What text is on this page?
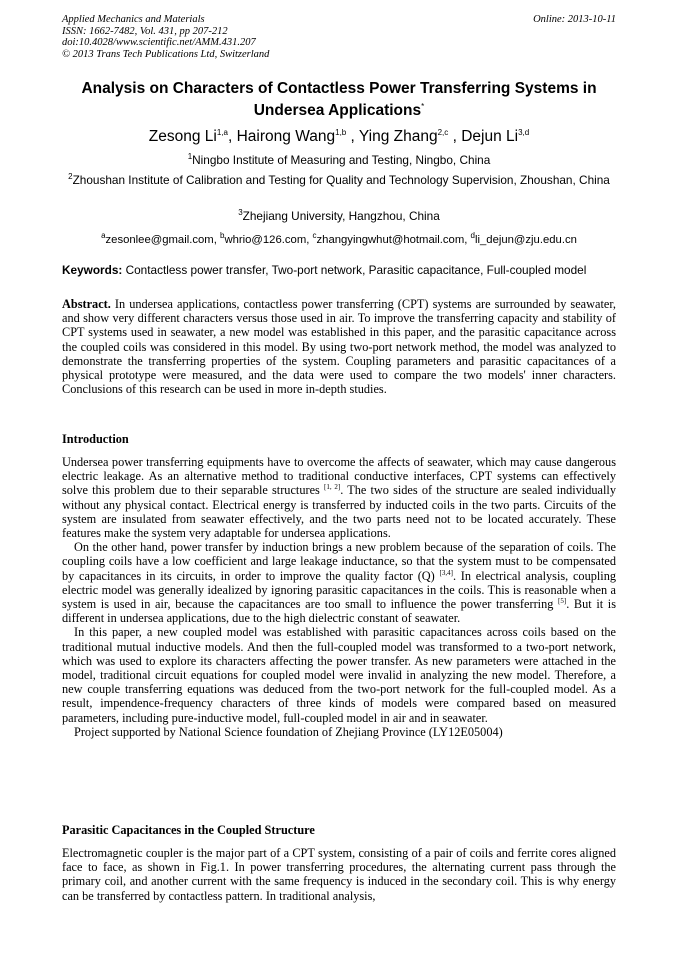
Applied Mechanics and Materials
ISSN: 1662-7482, Vol. 431, pp 207-212
doi:10.4028/www.scientific.net/AMM.431.207
© 2013 Trans Tech Publications Ltd, Switzerland
Online: 2013-10-11
Analysis on Characters of Contactless Power Transferring Systems in Undersea Applications*
Zesong Li$^{1,a}$, Hairong Wang$^{1,b}$ , Ying Zhang$^{2,c}$ , Dejun Li$^{3,d}$
$^1$Ningbo Institute of Measuring and Testing, Ningbo, China
$^2$Zhoushan Institute of Calibration and Testing for Quality and Technology Supervision, Zhoushan, China
$^3$Zhejiang University, Hangzhou, China
$^a$zesonlee@gmail.com, $^b$whrio@126.com, $^c$zhangyingwhut@hotmail.com, $^d$li_dejun@zju.edu.cn
Keywords: Contactless power transfer, Two-port network, Parasitic capacitance, Full-coupled model

Abstract. In undersea applications, contactless power transferring (CPT) systems are surrounded by seawater, and show very different characters versus those used in air. To improve the transferring capacity and stability of CPT systems used in seawater, a new model was established in this paper, and the parasitic capacitance across the coupled coils was considered in this model. By using two-port network method, the model was analyzed to demonstrate the transferring properties of the system. Coupling parameters and parasitic capacitances of a physical prototype were measured, and the data were used to compare the two models' inner characters. Conclusions of this research can be used in more in-depth studies.

Introduction

Undersea power transferring equipments have to overcome the affects of seawater, which may cause dangerous electric leakage. As an alternative method to traditional conductive interfaces, CPT systems can effectively solve this problem due to their separable structures [1, 2]. The two sides of the structure are sealed individually without any physical contact. Electrical energy is transferred by inducted coils in the two parts. Circuits of the system are insulated from seawater effectively, and the two parts need not to be located accurately. These features make the system very adaptable for undersea applications.

On the other hand, power transfer by induction brings a new problem because of the separation of coils. The coupling coils have a low coefficient and large leakage inductance, so that the system must to be compensated by capacitances in its circuits, in order to improve the quality factor (Q) [3,4]. In electrical analysis, coupling electric model was generally idealized by ignoring parasitic capacitances in the coils. This is reasonable when a system is used in air, because the capacitances are too small to influence the power transferring [5]. But it is different in undersea applications, due to the high dielectric constant of seawater.

In this paper, a new coupled model was established with parasitic capacitances across coils based on the traditional mutual inductive models. And then the full-coupled model was transformed to a two-port network, which was used to explore its characters affecting the power transfer. As new parameters were attached in the model, traditional circuit equations for coupled model were invalid in analyzing the new model. Therefore, a new couple transferring equations was deduced from the two-port network for the full-coupled model. As a result, impendence-frequency characters of three kinds of models were compared based on measured parameters, including pure-inductive model, full-coupled model in air and in seawater.

Project supported by National Science foundation of Zhejiang Province (LY12E05004)

Parasitic Capacitances in the Coupled Structure

Electromagnetic coupler is the major part of a CPT system, consisting of a pair of coils and ferrite cores aligned face to face, as shown in Fig.1. In power transferring procedures, the alternating current pass through the primary coil, and another current with the same frequency is induced in the secondary coil. This is why energy can be transferred by contactless pattern. In traditional analysis,
